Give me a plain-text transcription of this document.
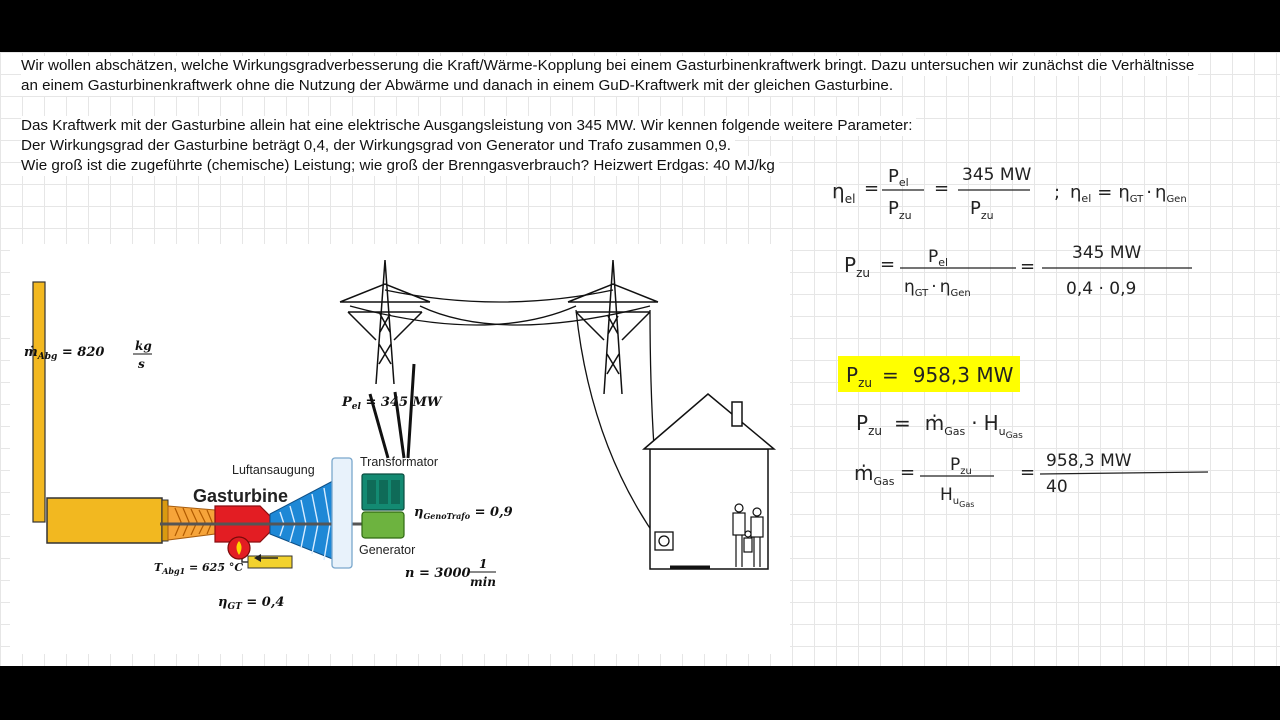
Wir wollen abschätzen, welche Wirkungsgradverbesserung die Kraft/Wärme-Kopplung bei einem Gasturbinenkraftwerk bringt. Dazu untersuchen wir zunächst die Verhältnisse

an einem Gasturbinenkraftwerk ohne die Nutzung der Abwärme und danach in einem GuD-Kraftwerk mit der gleichen Gasturbine.

Das Kraftwerk mit der Gasturbine allein hat eine elektrische Ausgangsleistung von 345 MW. Wir kennen folgende weitere Parameter:

Der Wirkungsgrad der Gasturbine beträgt 0,4, der Wirkungsgrad von Generator und Trafo zusammen 0,9.

Wie groß ist die zugeführte (chemische) Leistung; wie groß der Brenngasverbrauch? Heizwert Erdgas: 40 MJ/kg

ṁ$_{Abg}$ = 820	kg
s
$P_{el} = 345$ MW
Luftansaugung
Gasturbine
Transformator
Generator
$\eta_{GenoTrafo} = 0,9$
$T_{Abg1} = 625$ °C	n = 3000
1
min
$\eta_{GT} = 0,4$
$\eta_{el}$ =
$P_{el}$
$P_{zu}$
=
345 MW
$P_{zu}$
; $\eta_{el} = \eta_{GT} \cdot \eta_{Gen}$
$P_{zu} = P_{el}$
$\eta_{GT} \cdot \eta_{Gen}$
=
345 MW
0,4 · 0,9
$P_{zu} = 958,3$ MW
$P_{zu}$ = ṁ$_{Gas}$ · $H_uGas$
ṁ$_{Gas}$ = $P_{zu}$
$H_uGas$
=
958,3 MW
40
